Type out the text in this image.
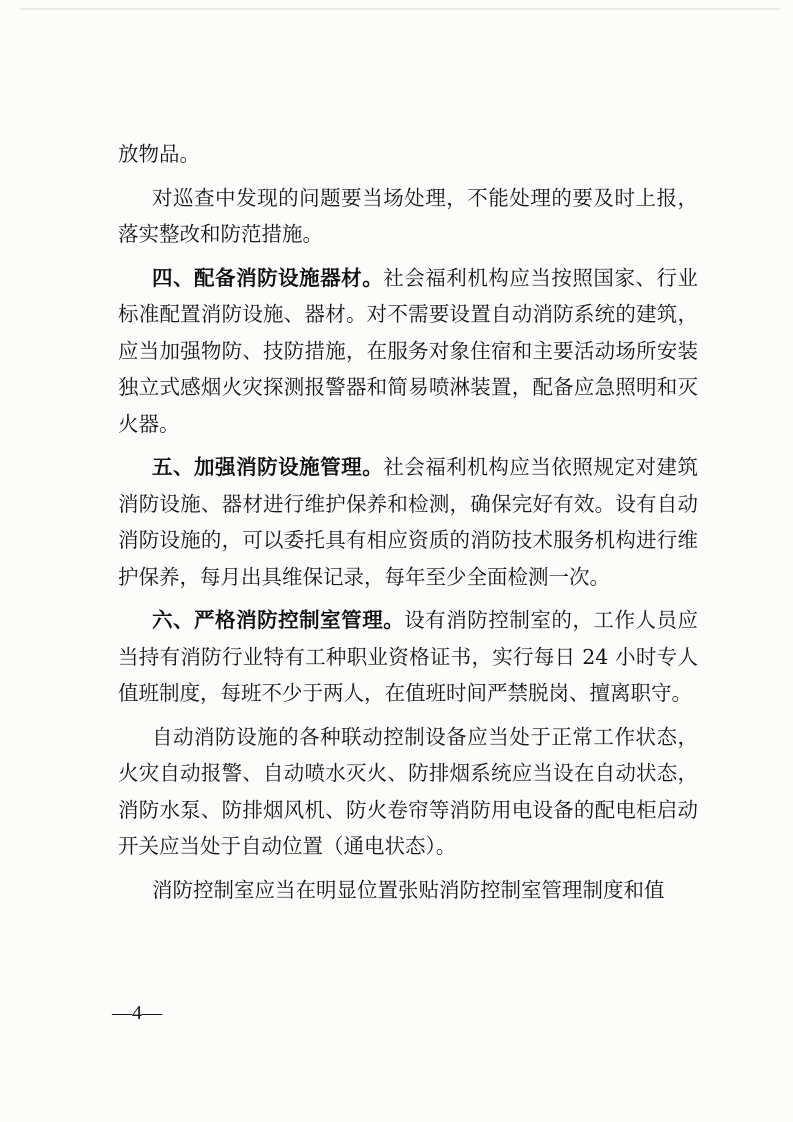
放物品。

对巡查中发现的问题要当场处理，不能处理的要及时上报，落实整改和防范措施。

四、配备消防设施器材。社会福利机构应当按照国家、行业标准配置消防设施、器材。对不需要设置自动消防系统的建筑，应当加强物防、技防措施，在服务对象住宿和主要活动场所安装独立式感烟火灾探测报警器和简易喷淋装置，配备应急照明和灭火器。

五、加强消防设施管理。社会福利机构应当依照规定对建筑消防设施、器材进行维护保养和检测，确保完好有效。设有自动消防设施的，可以委托具有相应资质的消防技术服务机构进行维护保养，每月出具维保记录，每年至少全面检测一次。

六、严格消防控制室管理。设有消防控制室的，工作人员应当持有消防行业特有工种职业资格证书，实行每日 24 小时专人值班制度，每班不少于两人，在值班时间严禁脱岗、擅离职守。

自动消防设施的各种联动控制设备应当处于正常工作状态，火灾自动报警、自动喷水灭火、防排烟系统应当设在自动状态，消防水泵、防排烟风机、防火卷帘等消防用电设备的配电柜启动开关应当处于自动位置（通电状态）。

消防控制室应当在明显位置张贴消防控制室管理制度和值

—4—
